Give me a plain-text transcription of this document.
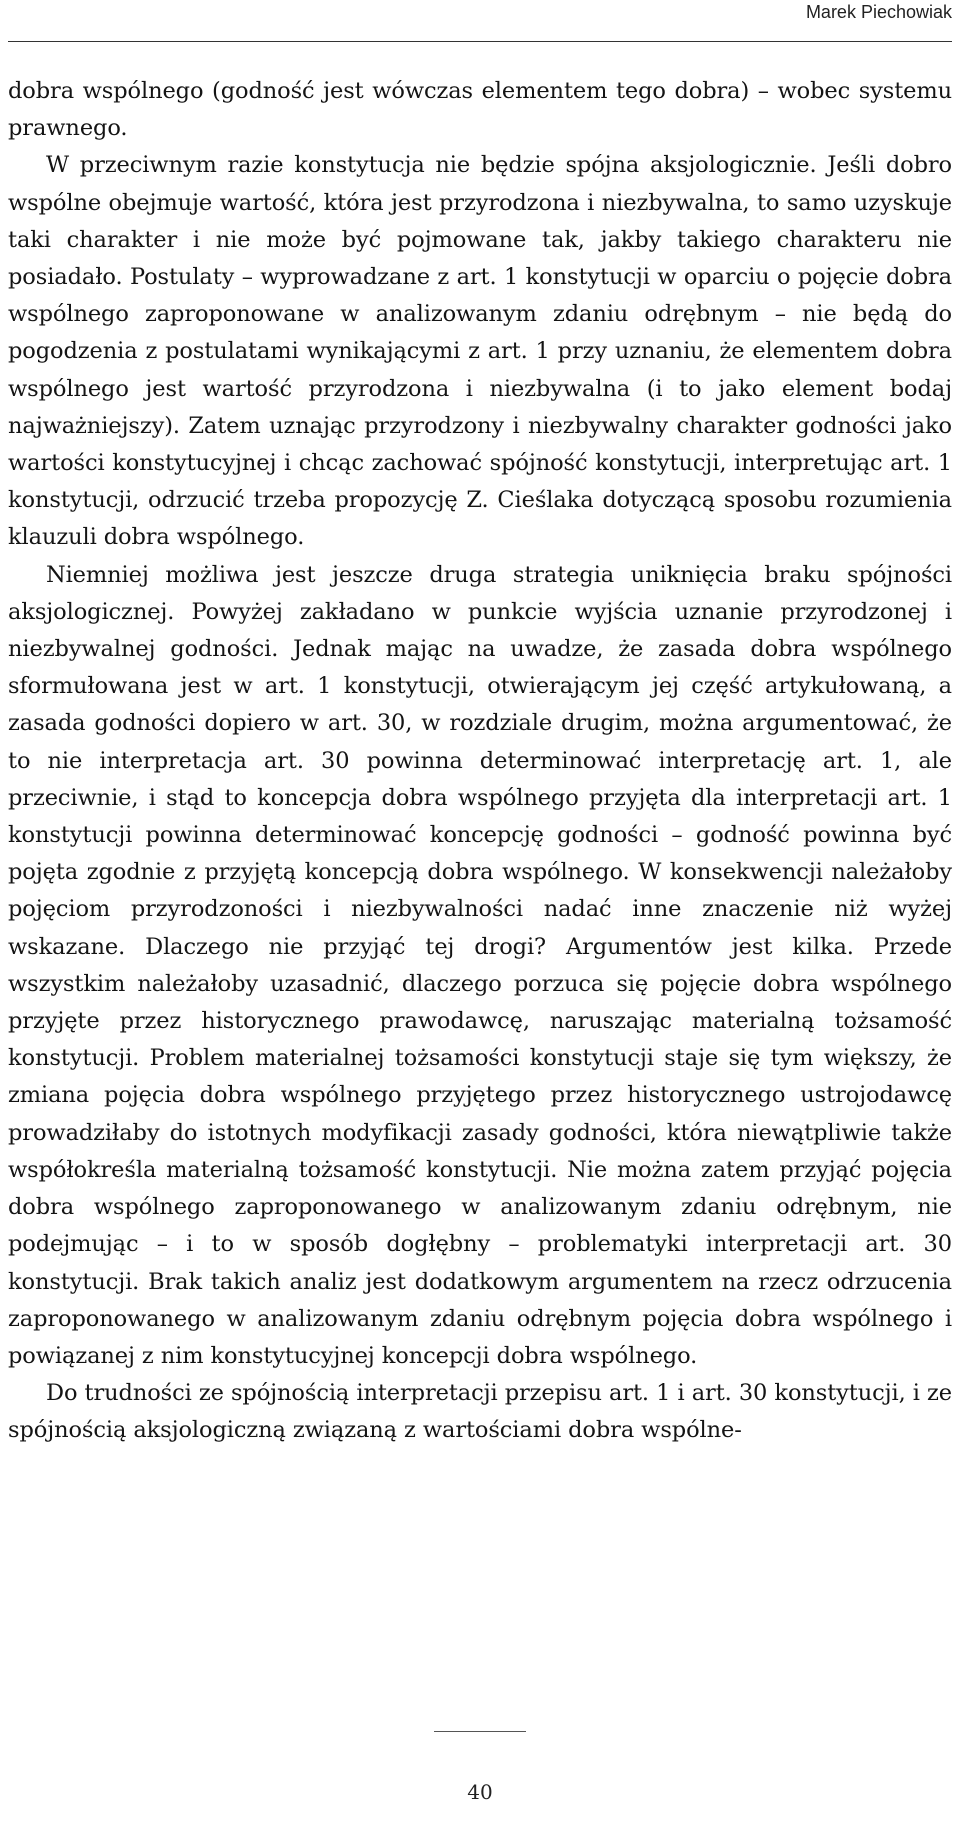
Marek Piechowiak

dobra wspólnego (godność jest wówczas elementem tego dobra) – wobec systemu prawnego.

W przeciwnym razie konstytucja nie będzie spójna aksjologicznie. Jeśli dobro wspólne obejmuje wartość, która jest przyrodzona i niezbywalna, to samo uzyskuje taki charakter i nie może być pojmowane tak, jakby takiego charakteru nie posiadało. Postulaty – wyprowadzane z art. 1 konstytucji w oparciu o pojęcie dobra wspólnego zaproponowane w analizowanym zdaniu odrębnym – nie będą do pogodzenia z postulatami wynikającymi z art. 1 przy uznaniu, że elementem dobra wspólnego jest wartość przyrodzona i niezbywalna (i to jako element bodaj najważniejszy). Zatem uznając przyrodzony i niezbywalny charakter godności jako wartości konstytucyjnej i chcąc zachować spójność konstytucji, interpretując art. 1 konstytucji, odrzucić trzeba propozycję Z. Cieślaka dotyczącą sposobu rozumienia klauzuli dobra wspólnego.

Niemniej możliwa jest jeszcze druga strategia uniknięcia braku spójności aksjologicznej. Powyżej zakładano w punkcie wyjścia uznanie przyrodzonej i niezbywalnej godności. Jednak mając na uwadze, że zasada dobra wspólnego sformułowana jest w art. 1 konstytucji, otwierającym jej część artykułowaną, a zasada godności dopiero w art. 30, w rozdziale drugim, można argumentować, że to nie interpretacja art. 30 powinna determinować interpretację art. 1, ale przeciwnie, i stąd to koncepcja dobra wspólnego przyjęta dla interpretacji art. 1 konstytucji powinna determinować koncepcję godności – godność powinna być pojęta zgodnie z przyjętą koncepcją dobra wspólnego. W konsekwencji należałoby pojęciom przyrodzoności i niezbywalności nadać inne znaczenie niż wyżej wskazane. Dlaczego nie przyjąć tej drogi? Argumentów jest kilka. Przede wszystkim należałoby uzasadnić, dlaczego porzuca się pojęcie dobra wspólnego przyjęte przez historycznego prawodawcę, naruszając materialną tożsamość konstytucji. Problem materialnej tożsamości konstytucji staje się tym większy, że zmiana pojęcia dobra wspólnego przyjętego przez historycznego ustrojodawcę prowadziłaby do istotnych modyfikacji zasady godności, która niewątpliwie także współokreśla materialną tożsamość konstytucji. Nie można zatem przyjąć pojęcia dobra wspólnego zaproponowanego w analizowanym zdaniu odrębnym, nie podejmując – i to w sposób dogłębny – problematyki interpretacji art. 30 konstytucji. Brak takich analiz jest dodatkowym argumentem na rzecz odrzucenia zaproponowanego w analizowanym zdaniu odrębnym pojęcia dobra wspólnego i powiązanej z nim konstytucyjnej koncepcji dobra wspólnego.

Do trudności ze spójnością interpretacji przepisu art. 1 i art. 30 konstytucji, i ze spójnością aksjologiczną związaną z wartościami dobra wspólne-

40
